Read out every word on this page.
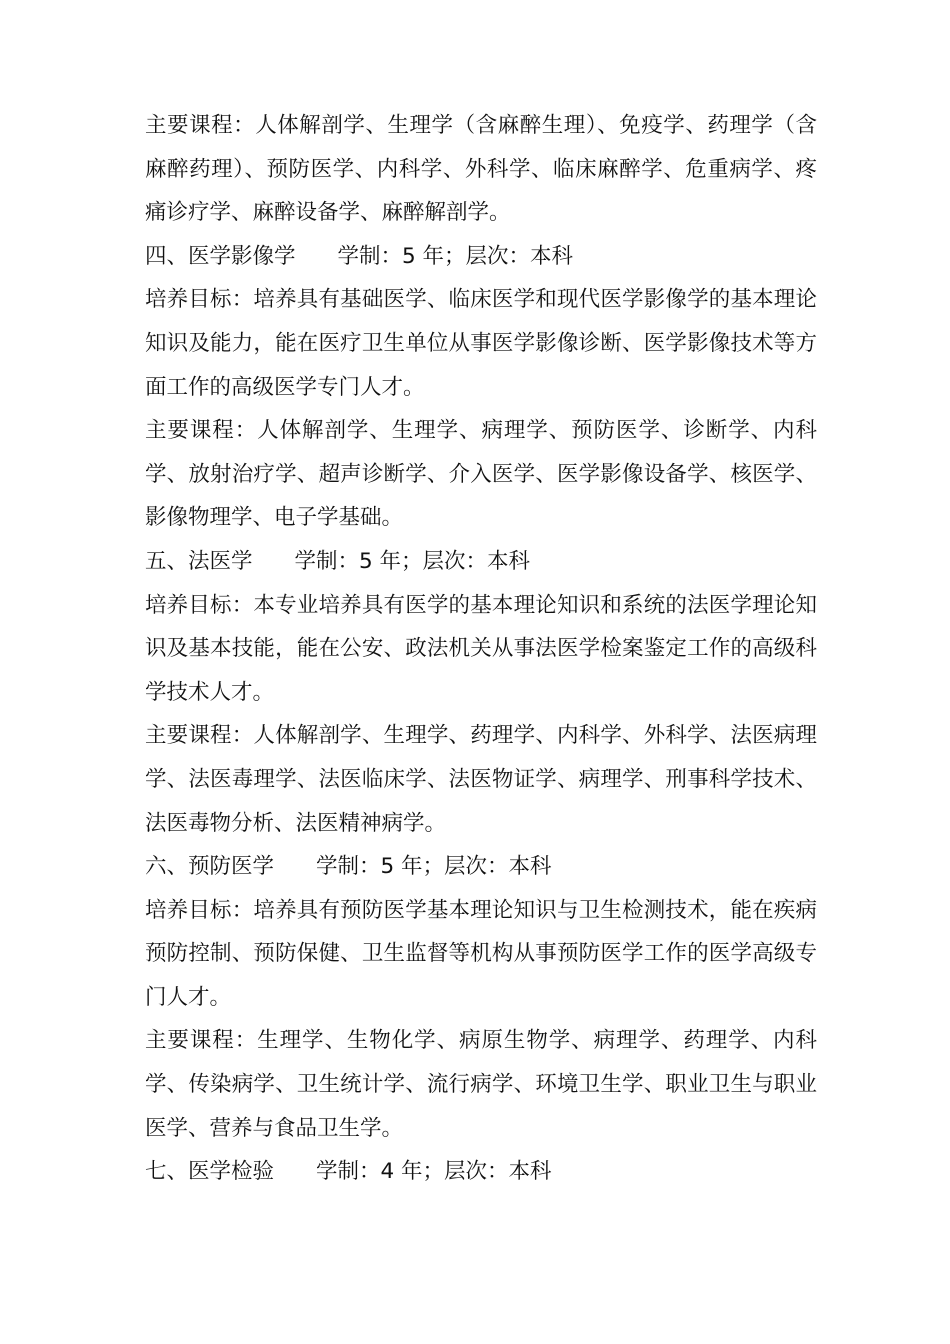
主要课程：人体解剖学、生理学（含麻醉生理）、免疫学、药理学（含麻醉药理）、预防医学、内科学、外科学、临床麻醉学、危重病学、疼痛诊疗学、麻醉设备学、麻醉解剖学。

四、医学影像学 学制：5 年；层次：本科

培养目标：培养具有基础医学、临床医学和现代医学影像学的基本理论知识及能力，能在医疗卫生单位从事医学影像诊断、医学影像技术等方面工作的高级医学专门人才。

主要课程：人体解剖学、生理学、病理学、预防医学、诊断学、内科学、放射治疗学、超声诊断学、介入医学、医学影像设备学、核医学、影像物理学、电子学基础。

五、法医学 学制：5 年；层次：本科

培养目标：本专业培养具有医学的基本理论知识和系统的法医学理论知识及基本技能，能在公安、政法机关从事法医学检案鉴定工作的高级科学技术人才。

主要课程：人体解剖学、生理学、药理学、内科学、外科学、法医病理学、法医毒理学、法医临床学、法医物证学、病理学、刑事科学技术、法医毒物分析、法医精神病学。

六、预防医学 学制：5 年；层次：本科

培养目标：培养具有预防医学基本理论知识与卫生检测技术，能在疾病预防控制、预防保健、卫生监督等机构从事预防医学工作的医学高级专门人才。

主要课程：生理学、生物化学、病原生物学、病理学、药理学、内科学、传染病学、卫生统计学、流行病学、环境卫生学、职业卫生与职业医学、营养与食品卫生学。

七、医学检验 学制：4 年；层次：本科
